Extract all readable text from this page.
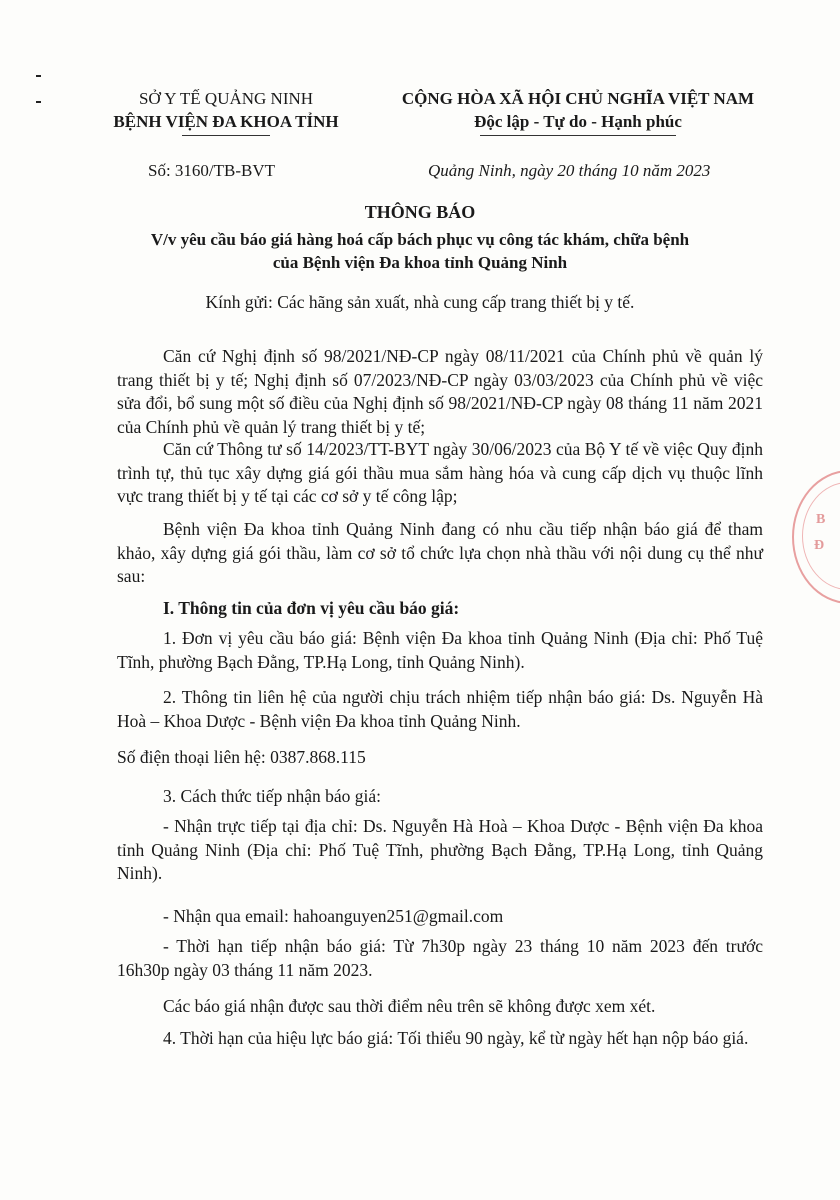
SỞ Y TẾ QUẢNG NINH
BỆNH VIỆN ĐA KHOA TỈNH
CỘNG HÒA XÃ HỘI CHỦ NGHĨA VIỆT NAM
Độc lập - Tự do - Hạnh phúc
Số: 3160/TB-BVT	Quảng Ninh, ngày 20 tháng 10 năm 2023
THÔNG BÁO
V/v yêu cầu báo giá hàng hoá cấp bách phục vụ công tác khám, chữa bệnh
của Bệnh viện Đa khoa tỉnh Quảng Ninh
Kính gửi: Các hãng sản xuất, nhà cung cấp trang thiết bị y tế.
Căn cứ Nghị định số 98/2021/NĐ-CP ngày 08/11/2021 của Chính phủ về quản lý trang thiết bị y tế; Nghị định số 07/2023/NĐ-CP ngày 03/03/2023 của Chính phủ về việc sửa đổi, bổ sung một số điều của Nghị định số 98/2021/NĐ-CP ngày 08 tháng 11 năm 2021 của Chính phủ về quản lý trang thiết bị y tế;
Căn cứ Thông tư số 14/2023/TT-BYT ngày 30/06/2023 của Bộ Y tế về việc Quy định trình tự, thủ tục xây dựng giá gói thầu mua sắm hàng hóa và cung cấp dịch vụ thuộc lĩnh vực trang thiết bị y tế tại các cơ sở y tế công lập;
Bệnh viện Đa khoa tỉnh Quảng Ninh đang có nhu cầu tiếp nhận báo giá để tham khảo, xây dựng giá gói thầu, làm cơ sở tổ chức lựa chọn nhà thầu với nội dung cụ thể như sau:
I. Thông tin của đơn vị yêu cầu báo giá:
1. Đơn vị yêu cầu báo giá: Bệnh viện Đa khoa tỉnh Quảng Ninh (Địa chỉ: Phố Tuệ Tĩnh, phường Bạch Đằng, TP.Hạ Long, tỉnh Quảng Ninh).
2. Thông tin liên hệ của người chịu trách nhiệm tiếp nhận báo giá: Ds. Nguyễn Hà Hoà – Khoa Dược - Bệnh viện Đa khoa tỉnh Quảng Ninh.
Số điện thoại liên hệ: 0387.868.115
3. Cách thức tiếp nhận báo giá:
- Nhận trực tiếp tại địa chỉ: Ds. Nguyễn Hà Hoà – Khoa Dược - Bệnh viện Đa khoa tỉnh Quảng Ninh (Địa chỉ: Phố Tuệ Tĩnh, phường Bạch Đằng, TP.Hạ Long, tỉnh Quảng Ninh).
- Nhận qua email: hahoanguyen251@gmail.com
- Thời hạn tiếp nhận báo giá: Từ 7h30p ngày 23 tháng 10 năm 2023 đến trước 16h30p ngày 03 tháng 11 năm 2023.
Các báo giá nhận được sau thời điểm nêu trên sẽ không được xem xét.
4. Thời hạn của hiệu lực báo giá: Tối thiểu 90 ngày, kể từ ngày hết hạn nộp báo giá.
B
Đ
